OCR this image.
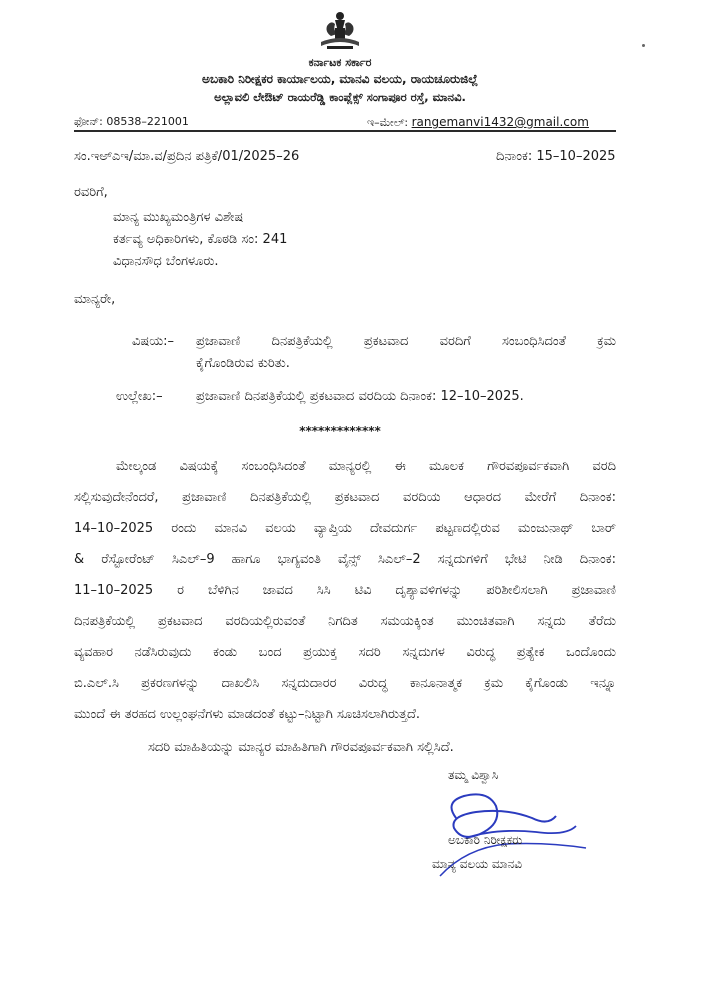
ಕರ್ನಾಟಕ ಸರ್ಕಾರ
ಅಬಕಾರಿ ನಿರೀಕ್ಷಕರ ಕಾರ್ಯಾಲಯ, ಮಾನವಿ ವಲಯ, ರಾಯಚೂರುಜಿಲ್ಲೆ
ಅಲ್ಲಾವಲಿ ಲೇಔಟ್ ರಾಯರೆಡ್ಡಿ ಕಾಂಪ್ಲೆಕ್ಸ್ ಸಂಗಾಪೂರ ರಸ್ತೆ, ಮಾನವಿ.
ಫೋನ್: 08538–221001	ಇ–ಮೇಲ್: rangemanvi1432@gmail.com
ಸಂ.ಇಅ್ಎಇ/ಮಾ.ವ/ಪ್ರದಿನ ಪತ್ರಿಕೆ/01/2025–26	ದಿನಾಂಕ: 15–10–2025
ರವರಿಗೆ,
ಮಾನ್ಯ ಮುಖ್ಯಮಂತ್ರಿಗಳ ವಿಶೇಷ
ಕರ್ತವ್ಯ ಅಧಿಕಾರಿಗಳು, ಕೊಠಡಿ ಸಂ: 241
ವಿಧಾನಸೌಧ ಬೆಂಗಳೂರು.
ಮಾನ್ಯರೇ,
ವಿಷಯ:– ಪ್ರಜಾವಾಣಿ ದಿನಪತ್ರಿಕೆಯಲ್ಲಿ ಪ್ರಕಟವಾದ ವರದಿಗೆ ಸಂಬಂಧಿಸಿದಂತೆ ಕ್ರಮ
ಕೈಗೊಂಡಿರುವ ಕುರಿತು.
ಉಲ್ಲೇಖ:–	ಪ್ರಜಾವಾಣಿ ದಿನಪತ್ರಿಕೆಯಲ್ಲಿ ಪ್ರಕಟವಾದ ವರದಿಯ ದಿನಾಂಕ: 12–10–2025.
*************
ಮೇಲ್ಕಂಡ ವಿಷಯಕ್ಕೆ ಸಂಬಂಧಿಸಿದಂತೆ ಮಾನ್ಯರಲ್ಲಿ ಈ ಮೂಲಕ ಗೌರವಪೂರ್ವಕವಾಗಿ ವರದಿ
ಸಲ್ಲಿಸುವುದೇನೆಂದರೆ, ಪ್ರಜಾವಾಣಿ ದಿನಪತ್ರಿಕೆಯಲ್ಲಿ ಪ್ರಕಟವಾದ ವರದಿಯ ಆಧಾರದ ಮೇರೆಗೆ ದಿನಾಂಕ:
14–10–2025 ರಂದು ಮಾನವಿ ವಲಯ ವ್ಯಾಪ್ತಿಯ ದೇವದುರ್ಗ ಪಟ್ಟಣದಲ್ಲಿರುವ ಮಂಜುನಾಥ್ ಬಾರ್
& ರೆಸ್ಟೋರೆಂಟ್ ಸಿಎಲ್–9 ಹಾಗೂ ಭಾಗ್ಯವಂತಿ ವೈನ್ಸ್ ಸಿಎಲ್–2 ಸನ್ನದುಗಳಿಗೆ ಭೇಟಿ ನೀಡಿ ದಿನಾಂಕ:
11–10–2025 ರ ಬೆಳಿಗಿನ ಜಾವದ ಸಿಸಿ ಟಿವಿ ದೃಶ್ಯಾವಳಿಗಳನ್ನು ಪರಿಶೀಲಿಸಲಾಗಿ ಪ್ರಜಾವಾಣಿ
ದಿನಪತ್ರಿಕೆಯಲ್ಲಿ ಪ್ರಕಟವಾದ ವರದಿಯಲ್ಲಿರುವಂತೆ ನಿಗದಿತ ಸಮಯಕ್ಕಿಂತ ಮುಂಚಿತವಾಗಿ ಸನ್ನದು ತೆರೆದು
ವ್ಯವಹಾರ ನಡೆಸಿರುವುದು ಕಂಡು ಬಂದ ಪ್ರಯುಕ್ತ ಸದರಿ ಸನ್ನದುಗಳ ವಿರುದ್ಧ ಪ್ರತ್ಯೇಕ ಒಂದೊಂದು
ಬಿ.ಎಲ್.ಸಿ ಪ್ರಕರಣಗಳನ್ನು ದಾಖಲಿಸಿ ಸನ್ನದುದಾರರ ವಿರುದ್ಧ ಕಾನೂನಾತ್ಮಕ ಕ್ರಮ ಕೈಗೊಂಡು ಇನ್ನೂ
ಮುಂದೆ ಈ ತರಹದ ಉಲ್ಲಂಘನೆಗಳು ಮಾಡದಂತೆ ಕಟ್ಟು–ನಿಟ್ಟಾಗಿ ಸೂಚಿಸಲಾಗಿರುತ್ತದೆ.
ಸದರಿ ಮಾಹಿತಿಯನ್ನು ಮಾನ್ಯರ ಮಾಹಿತಿಗಾಗಿ ಗೌರವಪೂರ್ವಕವಾಗಿ ಸಲ್ಲಿಸಿದೆ.
ತಮ್ಮ ವಿಶ್ವಾಸಿ
ಅಬಕಾರಿ ನಿರೀಕ್ಷಕರು
ಮಾನ್ಯ ವಲಯ ಮಾನವಿ
